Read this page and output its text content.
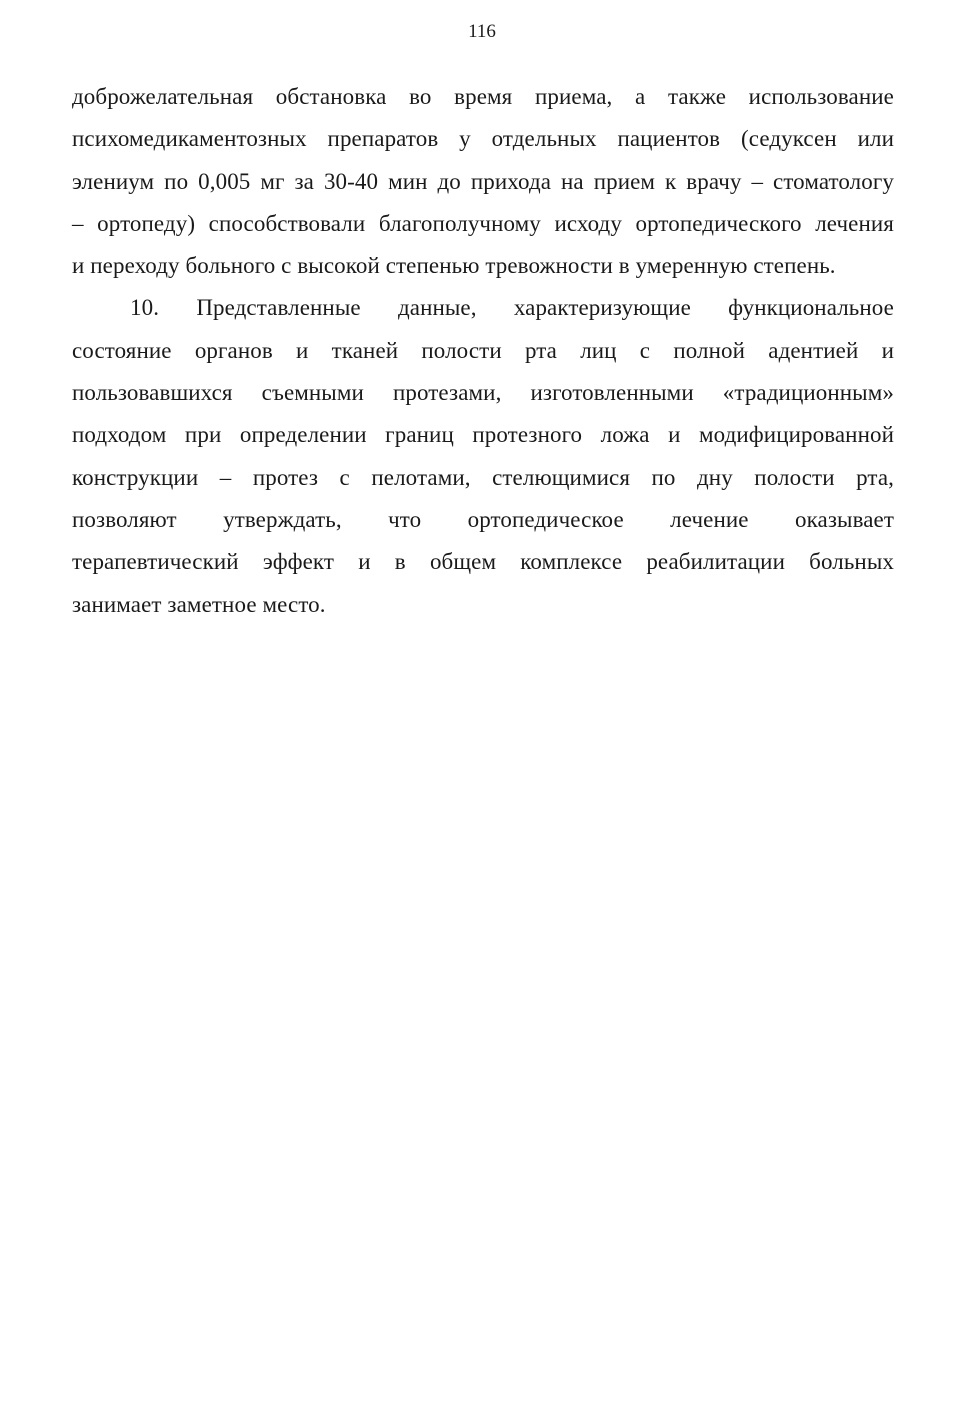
116

доброжелательная обстановка во время приема, а также использование
психомедикаментозных препаратов у отдельных пациентов (седуксен или
элениум по 0,005 мг за 30-40 мин до прихода на прием к врачу – стоматологу
– ортопеду) способствовали благополучному исходу ортопедического лечения
и переходу больного с высокой степенью тревожности в умеренную степень.

10. Представленные данные, характеризующие функциональное
состояние органов и тканей полости рта лиц с полной адентией и
пользовавшихся съемными протезами, изготовленными «традиционным»
подходом при определении границ протезного ложа и модифицированной
конструкции – протез с пелотами, стелющимися по дну полости рта,
позволяют утверждать, что ортопедическое лечение оказывает
терапевтический эффект и в общем комплексе реабилитации больных
занимает заметное место.
